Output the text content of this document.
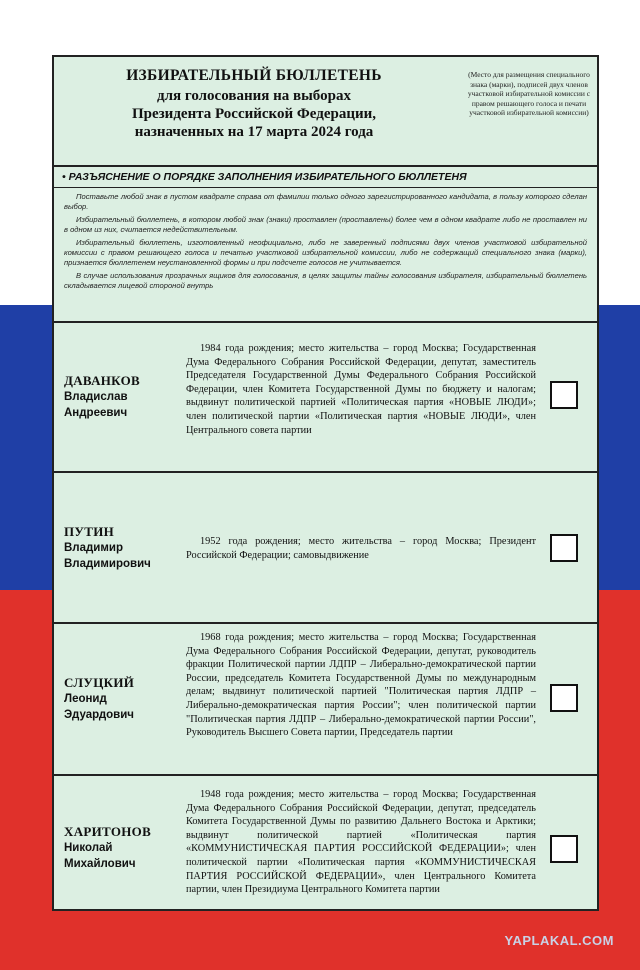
ИЗБИРАТЕЛЬНЫЙ БЮЛЛЕТЕНЬ
для голосования на выборах
Президента Российской Федерации,
назначенных на 17 марта 2024 года
(Место для размещения специального знака (марки), подписей двух членов участковой избирательной комиссии с правом решающего голоса и печати участковой избирательной комиссии)
• РАЗЪЯСНЕНИЕ О ПОРЯДКЕ ЗАПОЛНЕНИЯ ИЗБИРАТЕЛЬНОГО БЮЛЛЕТЕНЯ

Поставьте любой знак в пустом квадрате справа от фамилии только одного зарегистрированного кандидата, в пользу которого сделан выбор.

Избирательный бюллетень, в котором любой знак (знаки) проставлен (проставлены) более чем в одном квадрате либо не проставлен ни в одном из них, считается недействительным.

Избирательный бюллетень, изготовленный неофициально, либо не заверенный подписями двух членов участковой избирательной комиссии с правом решающего голоса и печатью участковой избирательной комиссии, либо не содержащий специального знака (марки), признается бюллетенем неустановленной формы и при подсчете голосов не учитывается.

В случае использования прозрачных ящиков для голосования, в целях защиты тайны голосования избирателя, избирательный бюллетень складывается лицевой стороной внутрь

ДАВАНКОВ
Владислав
Андреевич
1984 года рождения; место жительства – город Москва; Государственная Дума Федерального Собрания Российской Федерации, депутат, заместитель Председателя Государственной Думы Федерального Собрания Российской Федерации, член Комитета Государственной Думы по бюджету и налогам; выдвинут политической партией «Политическая партия «НОВЫЕ ЛЮДИ»; член политической партии «Политическая партия «НОВЫЕ ЛЮДИ», член Центрального совета партии
ПУТИН
Владимир
Владимирович
1952 года рождения; место жительства – город Москва; Президент Российской Федерации; самовыдвижение
СЛУЦКИЙ
Леонид
Эдуардович
1968 года рождения; место жительства – город Москва; Государственная Дума Федерального Собрания Российской Федерации, депутат, руководитель фракции Политической партии ЛДПР – Либерально-демократической партии России, председатель Комитета Государственной Думы по международным делам; выдвинут политической партией "Политическая партия ЛДПР – Либерально-демократическая партия России"; член политической партии "Политическая партия ЛДПР – Либерально-демократической партии России", Руководитель Высшего Совета партии, Председатель партии
ХАРИТОНОВ
Николай
Михайлович
1948 года рождения; место жительства – город Москва; Государственная Дума Федерального Собрания Российской Федерации, депутат, председатель Комитета Государственной Думы по развитию Дальнего Востока и Арктики; выдвинут политической партией «Политическая партия «КОММУНИСТИЧЕСКАЯ ПАРТИЯ РОССИЙСКОЙ ФЕДЕРАЦИИ»; член политической партии «Политическая партия «КОММУНИСТИЧЕСКАЯ ПАРТИЯ РОССИЙСКОЙ ФЕДЕРАЦИИ», член Центрального Комитета партии, член Президиума Центрального Комитета партии
YAPLAKAL.COM
